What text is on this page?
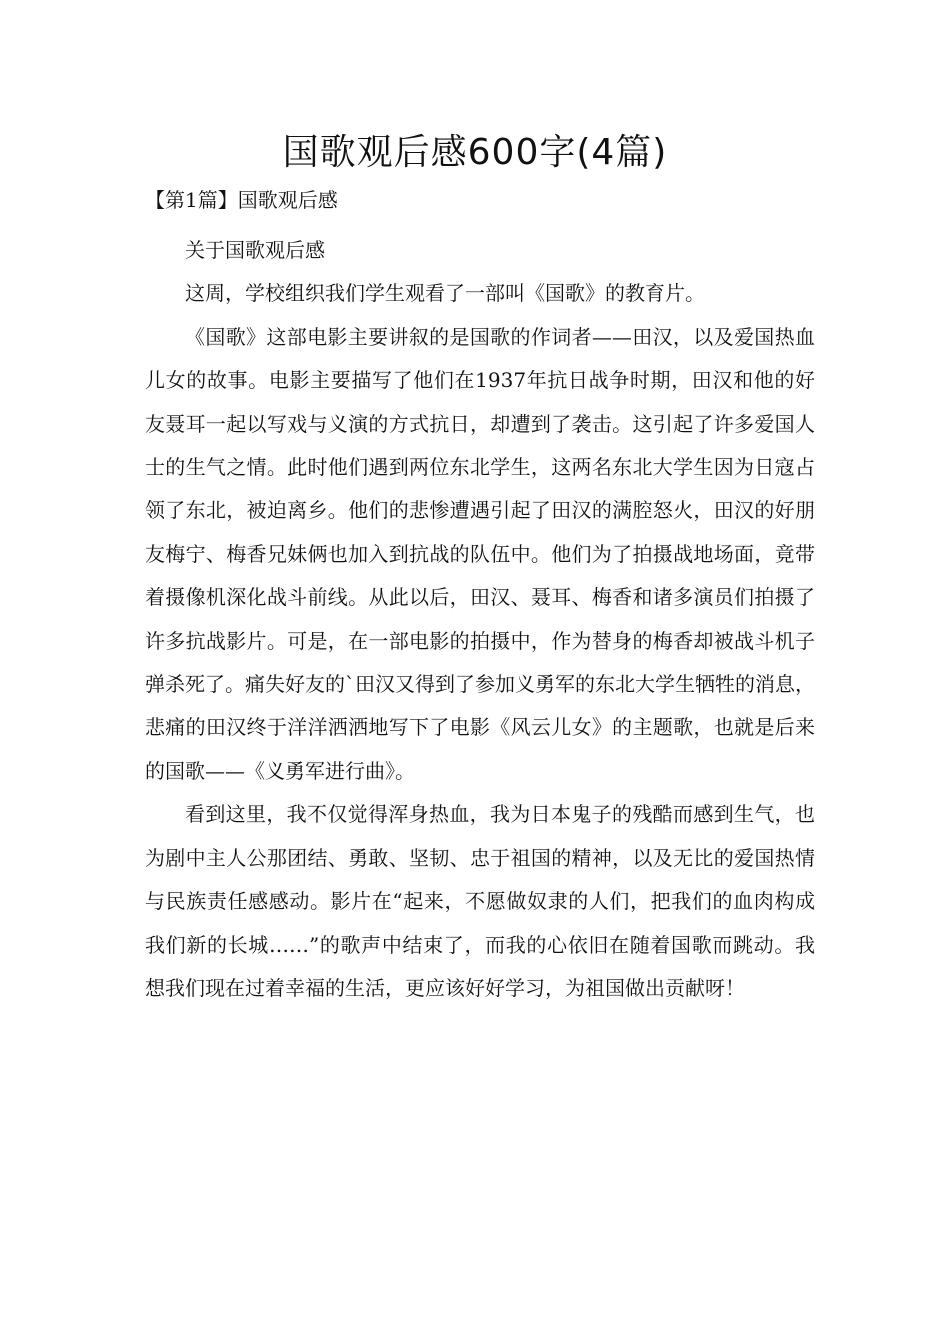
国歌观后感600字(4篇)
【第1篇】国歌观后感

关于国歌观后感

这周，学校组织我们学生观看了一部叫《国歌》的教育片。

《国歌》这部电影主要讲叙的是国歌的作词者——田汉，以及爱国热血儿女的故事。电影主要描写了他们在1937年抗日战争时期，田汉和他的好友聂耳一起以写戏与义演的方式抗日，却遭到了袭击。这引起了许多爱国人士的生气之情。此时他们遇到两位东北学生，这两名东北大学生因为日寇占领了东北，被迫离乡。他们的悲惨遭遇引起了田汉的满腔怒火，田汉的好朋友梅宁、梅香兄妹俩也加入到抗战的队伍中。他们为了拍摄战地场面，竟带着摄像机深化战斗前线。从此以后，田汉、聂耳、梅香和诸多演员们拍摄了许多抗战影片。可是，在一部电影的拍摄中，作为替身的梅香却被战斗机子弹杀死了。痛失好友的`田汉又得到了参加义勇军的东北大学生牺牲的消息，悲痛的田汉终于洋洋洒洒地写下了电影《风云儿女》的主题歌，也就是后来的国歌——《义勇军进行曲》。

看到这里，我不仅觉得浑身热血，我为日本鬼子的残酷而感到生气，也为剧中主人公那团结、勇敢、坚韧、忠于祖国的精神，以及无比的爱国热情与民族责任感感动。影片在“起来，不愿做奴隶的人们，把我们的血肉构成我们新的长城……”的歌声中结束了，而我的心依旧在随着国歌而跳动。我想我们现在过着幸福的生活，更应该好好学习，为祖国做出贡献呀！
